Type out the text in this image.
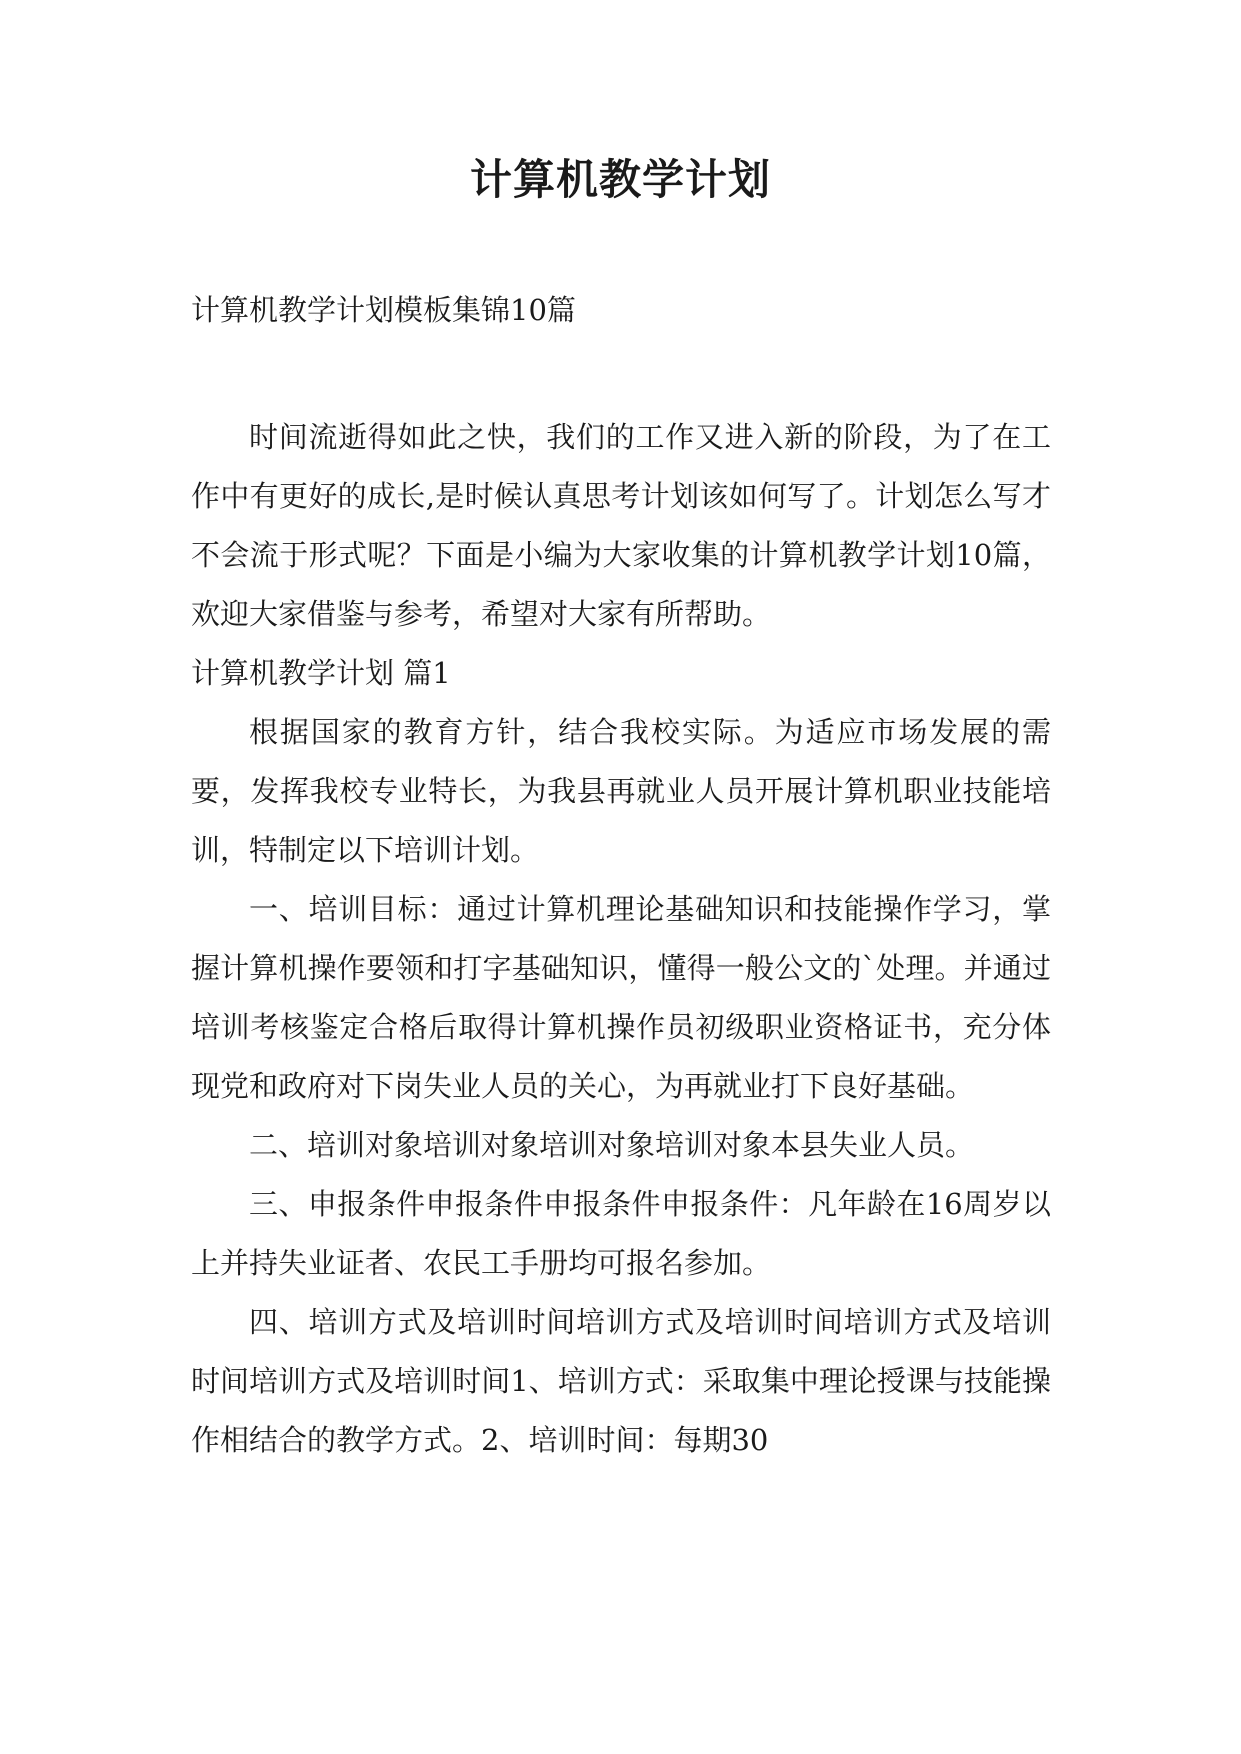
计算机教学计划

计算机教学计划模板集锦10篇

时间流逝得如此之快，我们的工作又进入新的阶段，为了在工作中有更好的成长,是时候认真思考计划该如何写了。计划怎么写才不会流于形式呢？下面是小编为大家收集的计算机教学计划10篇，欢迎大家借鉴与参考，希望对大家有所帮助。

计算机教学计划 篇1

根据国家的教育方针，结合我校实际。为适应市场发展的需要，发挥我校专业特长，为我县再就业人员开展计算机职业技能培训，特制定以下培训计划。

一、培训目标：通过计算机理论基础知识和技能操作学习，掌握计算机操作要领和打字基础知识，懂得一般公文的`处理。并通过培训考核鉴定合格后取得计算机操作员初级职业资格证书，充分体现党和政府对下岗失业人员的关心，为再就业打下良好基础。

二、培训对象培训对象培训对象培训对象本县失业人员。

三、申报条件申报条件申报条件申报条件：凡年龄在16周岁以上并持失业证者、农民工手册均可报名参加。

四、培训方式及培训时间培训方式及培训时间培训方式及培训时间培训方式及培训时间1、培训方式：采取集中理论授课与技能操作相结合的教学方式。2、培训时间：每期30
